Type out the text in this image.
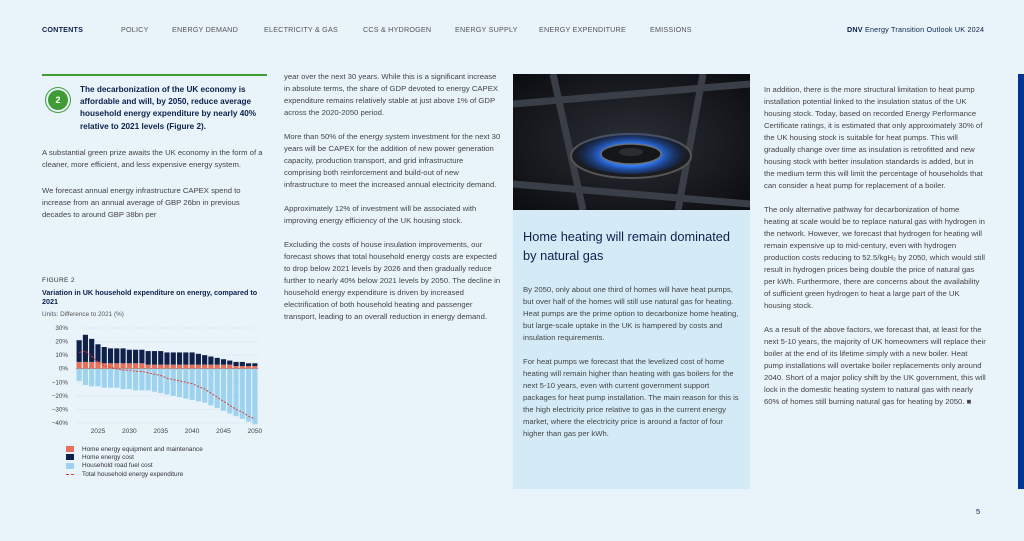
CONTENTS	POLICY	ENERGY DEMAND	ELECTRICITY & GAS	CCS & HYDROGEN	ENERGY SUPPLY	ENERGY EXPENDITURE	EMISSIONS	DNV Energy Transition Outlook UK 2024
2
The decarbonization of the UK economy is affordable and will, by 2050, reduce average household energy expenditure by nearly 40% relative to 2021 levels (Figure 2).

A substantial green prize awaits the UK economy in the form of a cleaner, more efficient, and less expensive energy system.

We forecast annual energy infrastructure CAPEX spend to increase from an annual average of GBP 26bn in previous decades to around GBP 38bn per

FIGURE 2
Variation in UK household expenditure on energy, compared to 2021
Units: Difference to 2021 (%)
30%
20%
10%
0%
−10%
−20%
−30%
−40%
2025	2030	2035	2040	2045	2050
Home energy equipment and maintenance
Home energy cost
Household road fuel cost
Total household energy expenditure

year over the next 30 years. While this is a significant increase in absolute terms, the share of GDP devoted to energy CAPEX expenditure remains relatively stable at just above 1% of GDP across the 2020-2050 period.

More than 50% of the energy system investment for the next 30 years will be CAPEX for the addition of new power generation capacity, production transport, and grid infrastructure comprising both reinforcement and build-out of new infrastructure to meet the increased annual electricity demand.

Approximately 12% of investment will be associated with improving energy efficiency of the UK housing stock.

Excluding the costs of house insulation improvements, our forecast shows that total household energy costs are expected to drop below 2021 levels by 2026 and then gradually reduce further to nearly 40% below 2021 levels by 2050. The decline in household energy expenditure is driven by increased electrification of both household heating and passenger transport, leading to an overall reduction in energy demand.

Home heating will remain dominated by natural gas

By 2050, only about one third of homes will have heat pumps, but over half of the homes will still use natural gas for heating. Heat pumps are the prime option to decarbonize home heating, but large-scale uptake in the UK is hampered by costs and insulation requirements.

For heat pumps we forecast that the levelized cost of home heating will remain higher than heating with gas boilers for the next 5-10 years, even with current government support packages for heat pump installation. The main reason for this is the high electricity price relative to gas in the current energy market, where the electricity price is around a factor of four higher than gas per kWh.

In addition, there is the more structural limitation to heat pump installation potential linked to the insulation status of the UK housing stock. Today, based on recorded Energy Performance Certificate ratings, it is estimated that only approximately 30% of the UK housing stock is suitable for heat pumps. This will gradually change over time as insulation is retrofitted and new housing stock with better insulation standards is added, but in the medium term this will limit the percentage of households that can consider a heat pump for replacement of a boiler.

The only alternative pathway for decarbonization of home heating at scale would be to replace natural gas with hydrogen in the network. However, we forecast that hydrogen for heating will remain expensive up to mid-century, even with hydrogen production costs reducing to 52.5/kgH₂ by 2050, which would still result in hydrogen prices being double the price of natural gas per kWh. Furthermore, there are concerns about the availability of sufficient green hydrogen to heat a large part of the UK housing stock.

As a result of the above factors, we forecast that, at least for the next 5-10 years, the majority of UK homeowners will replace their boiler at the end of its lifetime simply with a new boiler. Heat pump installations will overtake boiler replacements only around 2040. Short of a major policy shift by the UK government, this will lock in the domestic heating system to natural gas with nearly 60% of homes still burning natural gas for heating by 2050. ■

5
